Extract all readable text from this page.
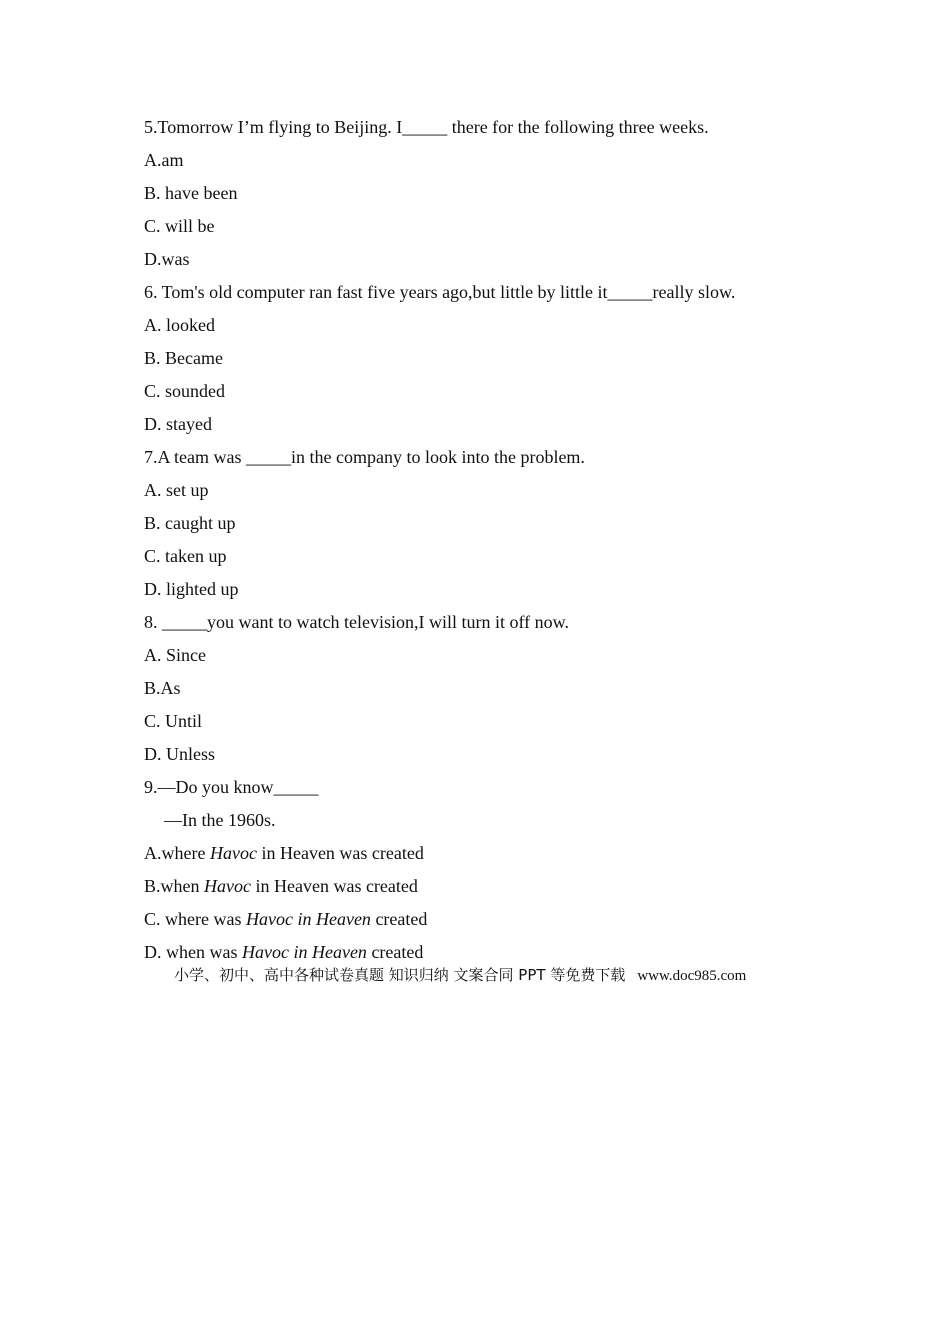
5.Tomorrow I’m flying to Beijing. I_____ there for the following three weeks.
A.am
B. have been
C. will be
D.was
6. Tom's old computer ran fast five years ago,but little by little it_____really slow.
A. looked
B. Became
C. sounded
D. stayed
7.A team was _____in the company to look into the problem.
A. set up
B. caught up
C. taken up
D. lighted up
8. _____you want to watch television,I will turn it off now.
A. Since
B.As
C. Until
D. Unless
9.—Do you know_____
—In the 1960s.
A.where Havoc in Heaven was created
B.when Havoc in Heaven was created
C. where was Havoc in Heaven created
D. when was Havoc in Heaven created
小学、初中、高中各种试卷真题 知识归纳 文案合同 PPT 等免费下载 www.doc985.com
